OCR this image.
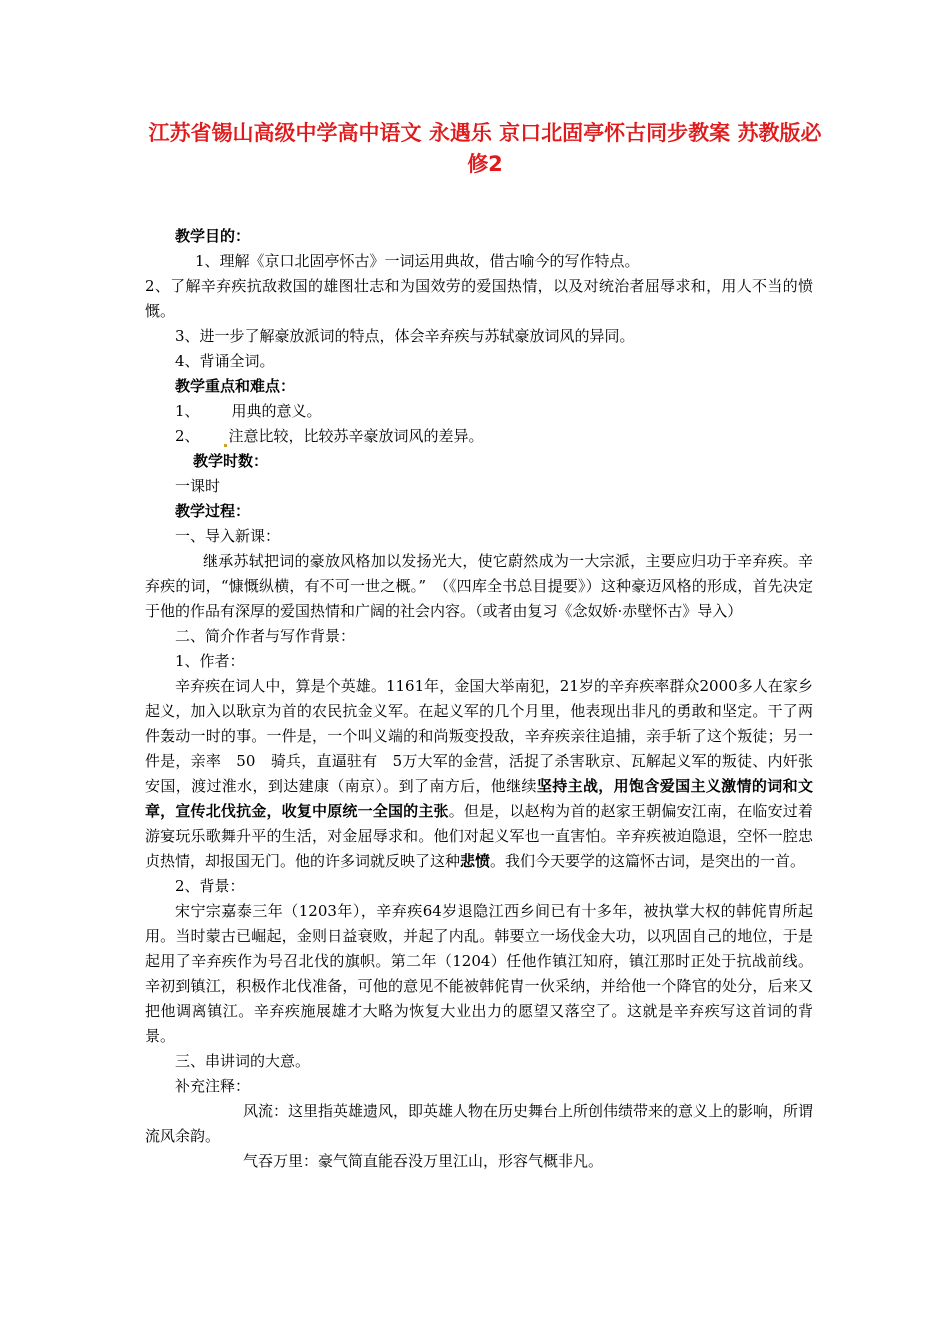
江苏省锡山高级中学高中语文 永遇乐 京口北固亭怀古同步教案 苏教版必修2

教学目的：

1、理解《京口北固亭怀古》一词运用典故，借古喻今的写作特点。

2、了解辛弃疾抗敌救国的雄图壮志和为国效劳的爱国热情，以及对统治者屈辱求和，用人不当的愤慨。

3、进一步了解豪放派词的特点，体会辛弃疾与苏轼豪放词风的异同。

4、背诵全词。

教学重点和难点：

1、 用典的意义。

2、 注意比较，比较苏辛豪放词风的差异。

教学时数：

一课时

教学过程：

一、导入新课：

继承苏轼把词的豪放风格加以发扬光大，使它蔚然成为一大宗派，主要应归功于辛弃疾。辛弃疾的词，“慷慨纵横，有不可一世之概。”　（《四库全书总目提要》）这种豪迈风格的形成，首先决定于他的作品有深厚的爱国热情和广阔的社会内容。（或者由复习《念奴娇·赤壁怀古》导入）

二、简介作者与写作背景：

1、作者：

辛弃疾在词人中，算是个英雄。1161年，金国大举南犯，21岁的辛弃疾率群众2000多人在家乡起义，加入以耿京为首的农民抗金义军。在起义军的几个月里，他表现出非凡的勇敢和坚定。干了两件轰动一时的事。一件是，一个叫义端的和尚叛变投敌，辛弃疾亲往追捕，亲手斩了这个叛徒；另一件是，亲率　50　骑兵，直逼驻有　5万大军的金营，活捉了杀害耿京、瓦解起义军的叛徒、内奸张安国，渡过淮水，到达建康（南京）。到了南方后，他继续坚持主战，用饱含爱国主义激情的词和文章，宣传北伐抗金，收复中原统一全国的主张。但是，以赵构为首的赵家王朝偏安江南，在临安过着游宴玩乐歌舞升平的生活，对金屈辱求和。他们对起义军也一直害怕。辛弃疾被迫隐退，空怀一腔忠贞热情，却报国无门。他的许多词就反映了这种悲愤。我们今天要学的这篇怀古词，是突出的一首。

2、背景：

宋宁宗嘉泰三年（1203年），辛弃疾64岁退隐江西乡间已有十多年，被执掌大权的韩侂胄所起用。当时蒙古已崛起，金则日益衰败，并起了内乱。韩要立一场伐金大功，以巩固自己的地位，于是起用了辛弃疾作为号召北伐的旗帜。第二年（1204）任他作镇江知府，镇江那时正处于抗战前线。辛初到镇江，积极作北伐准备，可他的意见不能被韩侂胄一伙采纳，并给他一个降官的处分，后来又把他调离镇江。辛弃疾施展雄才大略为恢复大业出力的愿望又落空了。这就是辛弃疾写这首词的背景。

三、串讲词的大意。

补充注释：

风流：这里指英雄遗风，即英雄人物在历史舞台上所创伟绩带来的意义上的影响，所谓流风余韵。

气吞万里：豪气简直能吞没万里江山，形容气概非凡。
